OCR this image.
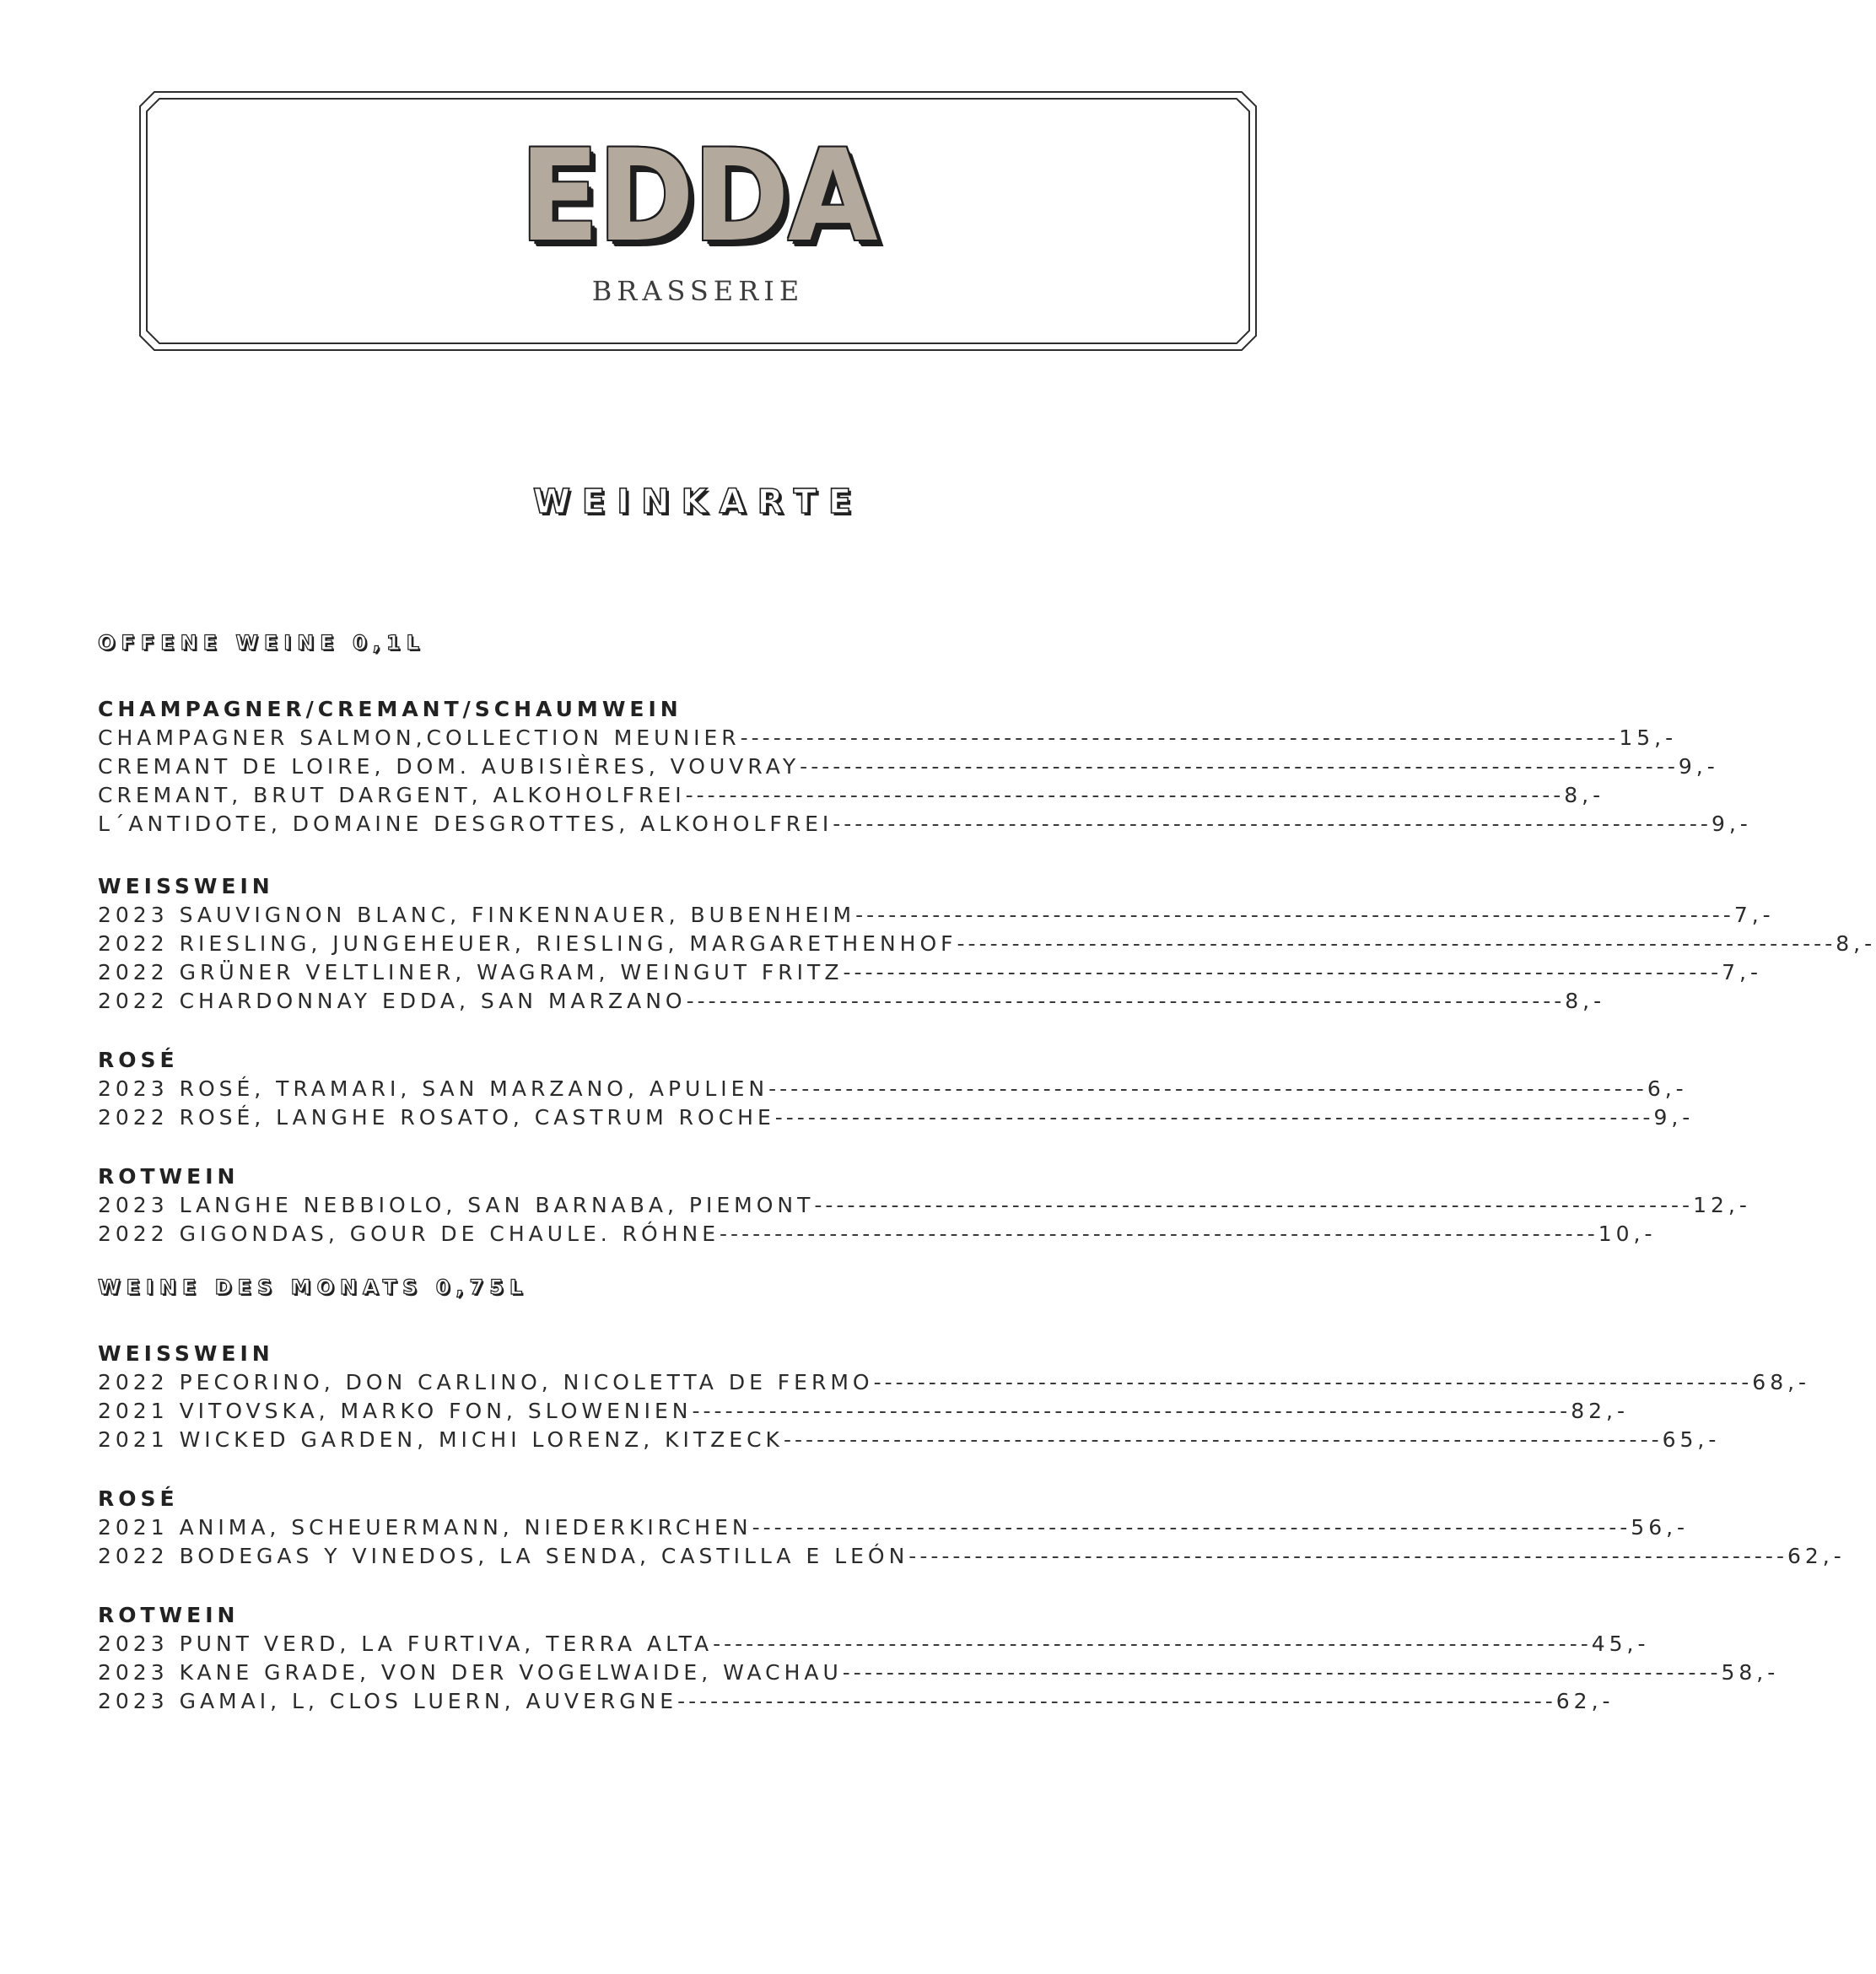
EDDA
BRASSERIE
WEINKARTE
OFFENE WEINE 0,1L
CHAMPAGNER/CREMANT/SCHAUMWEIN
CHAMPAGNER SALMON,COLLECTION MEUNIER -------------------------------------------------------------------------------- 15,-
CREMANT DE LOIRE, DOM. AUBISIÈRES, VOUVRAY -------------------------------------------------------------------------------- 9,-
CREMANT, BRUT DARGENT, ALKOHOLFREI -------------------------------------------------------------------------------- 8,-
L´ANTIDOTE, DOMAINE DESGROTTES, ALKOHOLFREI -------------------------------------------------------------------------------- 9,-
WEISSWEIN
2023 SAUVIGNON BLANC, FINKENNAUER, BUBENHEIM -------------------------------------------------------------------------------- 7,-
2022 RIESLING, JUNGEHEUER, RIESLING, MARGARETHENHOF -------------------------------------------------------------------------------- 8,-
2022 GRÜNER VELTLINER, WAGRAM, WEINGUT FRITZ -------------------------------------------------------------------------------- 7,-
2022 CHARDONNAY EDDA, SAN MARZANO -------------------------------------------------------------------------------- 8,-
ROSÉ
2023 ROSÉ, TRAMARI, SAN MARZANO, APULIEN -------------------------------------------------------------------------------- 6,-
2022 ROSÉ, LANGHE ROSATO, CASTRUM ROCHE -------------------------------------------------------------------------------- 9,-
ROTWEIN
2023 LANGHE NEBBIOLO, SAN BARNABA, PIEMONT -------------------------------------------------------------------------------- 12,-
2022 GIGONDAS, GOUR DE CHAULE. RÓHNE -------------------------------------------------------------------------------- 10,-
WEINE DES MONATS 0,75L
WEISSWEIN
2022 PECORINO, DON CARLINO, NICOLETTA DE FERMO -------------------------------------------------------------------------------- 68,-
2021 VITOVSKA, MARKO FON, SLOWENIEN -------------------------------------------------------------------------------- 82,-
2021 WICKED GARDEN, MICHI LORENZ, KITZECK -------------------------------------------------------------------------------- 65,-
ROSÉ
2021 ANIMA, SCHEUERMANN, NIEDERKIRCHEN -------------------------------------------------------------------------------- 56,-
2022 BODEGAS Y VINEDOS, LA SENDA, CASTILLA E LEÓN -------------------------------------------------------------------------------- 62,-
ROTWEIN
2023 PUNT VERD, LA FURTIVA, TERRA ALTA -------------------------------------------------------------------------------- 45,-
2023 KANE GRADE, VON DER VOGELWAIDE, WACHAU -------------------------------------------------------------------------------- 58,-
2023 GAMAI, L, CLOS LUERN, AUVERGNE -------------------------------------------------------------------------------- 62,-
